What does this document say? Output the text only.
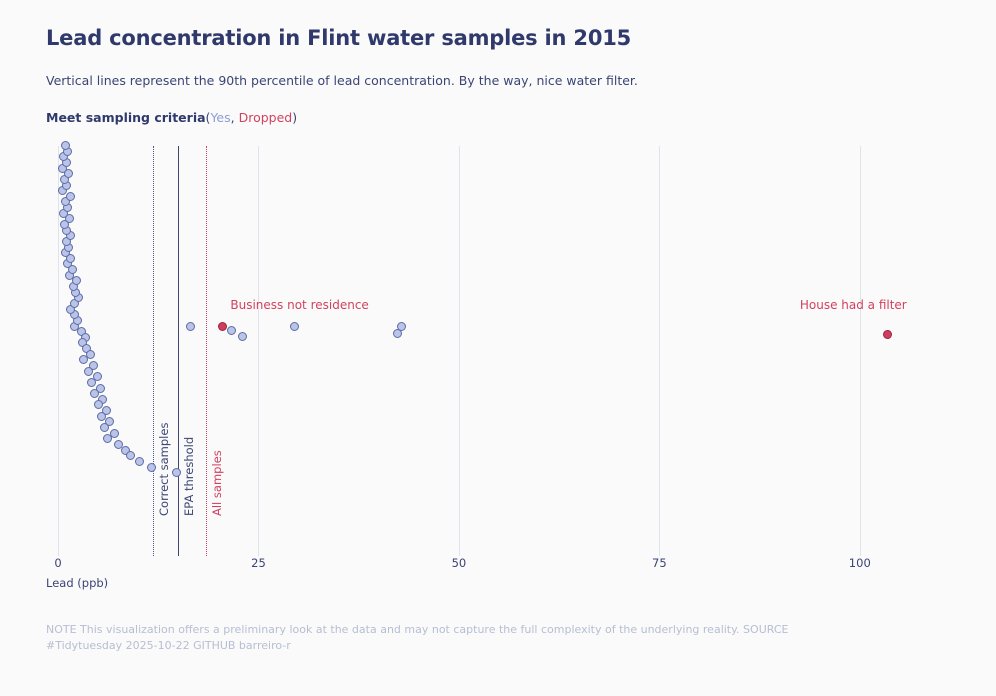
Lead concentration in Flint water samples in 2015
Vertical lines represent the 90th percentile of lead concentration. By the way, nice water filter.
Meet sampling criteria(Yes, Dropped)
Correct samples EPA threshold All samples
Business not residence	House had a filter
Lead (ppb)
0	25	50	75	100
NOTE This visualization offers a preliminary look at the data and may not capture the full complexity of the underlying reality. SOURCE #Tidytuesday 2025-10-22 GITHUB barreiro-r
